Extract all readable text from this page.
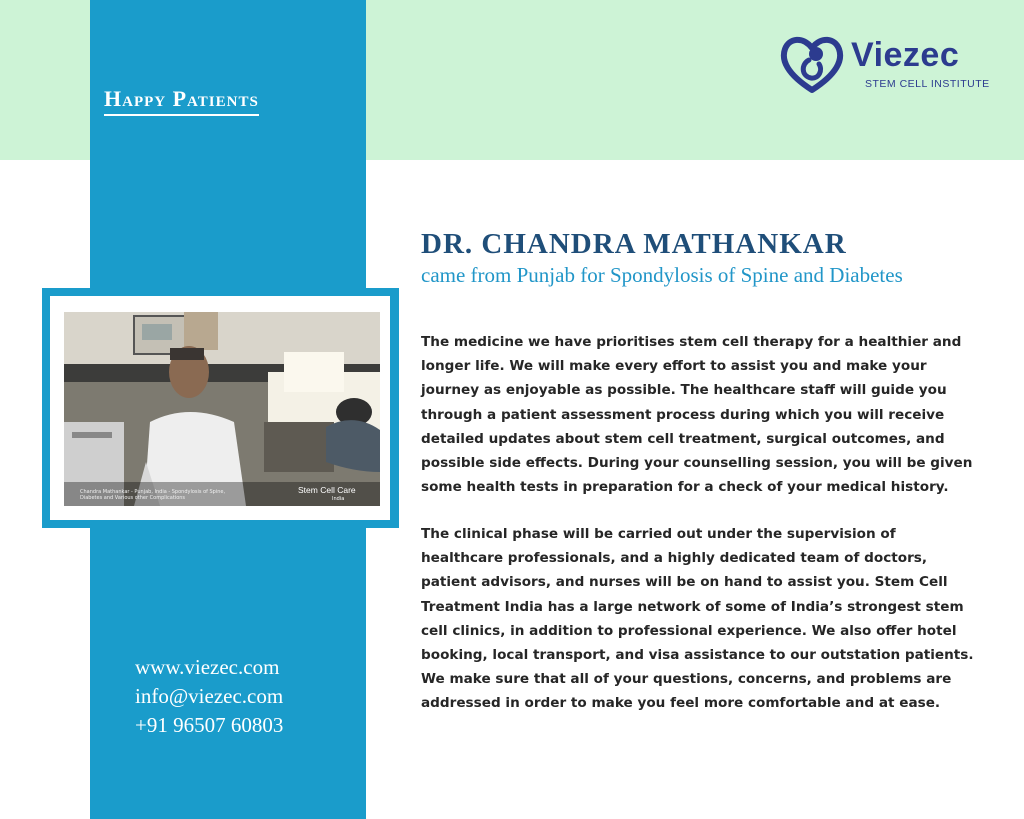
Happy Patients
Viezec
STEM CELL INSTITUTE
Chandra Mathankar - Punjab, India - Spondylosis of Spine,
Diabetes and Various other Complications
Stem Cell Care
India
DR. CHANDRA MATHANKAR
came from Punjab for Spondylosis of Spine and Diabetes
The medicine we have prioritises stem cell therapy for a healthier and
longer life. We will make every effort to assist you and make your
journey as enjoyable as possible. The healthcare staff will guide you
through a patient assessment process during which you will receive
detailed updates about stem cell treatment, surgical outcomes, and
possible side effects. During your counselling session, you will be given
some health tests in preparation for a check of your medical history.
The clinical phase will be carried out under the supervision of
healthcare professionals, and a highly dedicated team of doctors,
patient advisors, and nurses will be on hand to assist you. Stem Cell
Treatment India has a large network of some of India’s strongest stem
cell clinics, in addition to professional experience. We also offer hotel
booking, local transport, and visa assistance to our outstation patients.
We make sure that all of your questions, concerns, and problems are
addressed in order to make you feel more comfortable and at ease.
www.viezec.com
info@viezec.com
+91 96507 60803
